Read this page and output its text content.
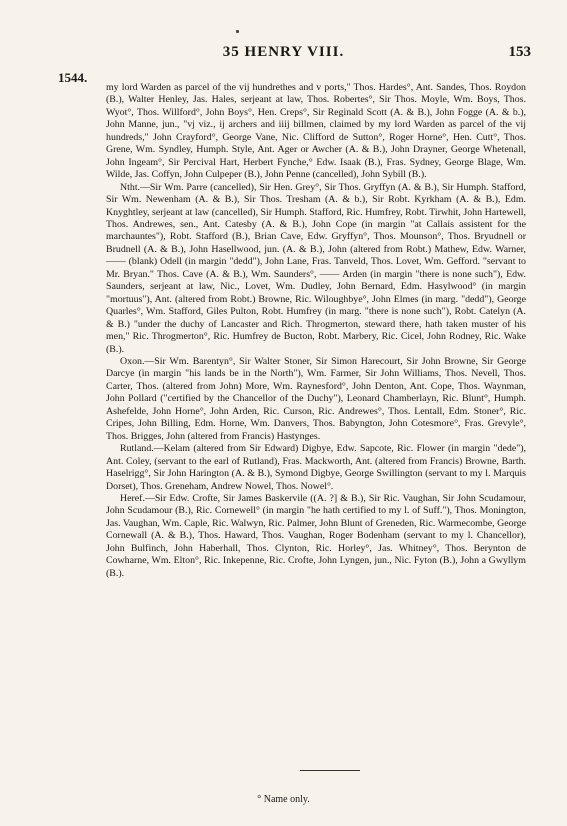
35 HENRY VIII.	153
1544.

my lord Warden as parcel of the vij hundrethes and v ports," Thos. Hardes°, Ant. Sandes, Thos. Roydon (B.), Walter Henley, Jas. Hales, serjeant at law, Thos. Robertes°, Sir Thos. Moyle, Wm. Boys, Thos. Wyot°, Thos. Willford°, John Boys°, Hen. Creps°, Sir Reginald Scott (A. & B.), John Fogge (A. & b.), John Manne, jun., "vj viz., ij archers and iiij billmen, claimed by my lord Warden as parcel of the vij hundreds," John Crayford°, George Vane, Nic. Clifford de Sutton°, Roger Horne°, Hen. Cutt°, Thos. Grene, Wm. Syndley, Humph. Style, Ant. Ager or Awcher (A. & B.), John Drayner, George Whetenall, John Ingeam°, Sir Percival Hart, Herbert Fynche,° Edw. Isaak (B.), Fras. Sydney, George Blage, Wm. Wilde, Jas. Coffyn, John Culpeper (B.), John Penne (cancelled), John Sybill (B.).

Ntht.—Sir Wm. Parre (cancelled), Sir Hen. Grey°, Sir Thos. Gryffyn (A. & B.), Sir Humph. Stafford, Sir Wm. Newenham (A. & B.), Sir Thos. Tresham (A. & b.), Sir Robt. Kyrkham (A. & B.), Edm. Knyghtley, serjeant at law (cancelled), Sir Humph. Stafford, Ric. Humfrey, Robt. Tirwhit, John Hartewell, Thos. Andrewes, sen., Ant. Catesby (A. & B.), John Cope (in margin "at Callais assistent for the marchauntes"), Robt. Stafford (B.), Brian Cave, Edw. Gryffyn°, Thos. Mounson°, Thos. Bryudnell or Brudnell (A. & B.), John Hasellwood, jun. (A. & B.), John (altered from Robt.) Mathew, Edw. Warner, —— (blank) Odell (in margin "dedd"), John Lane, Fras. Tanveld, Thos. Lovet, Wm. Gefford. "servant to Mr. Bryan." Thos. Cave (A. & B.), Wm. Saunders°, —— Arden (in margin "there is none such"), Edw. Saunders, serjeant at law, Nic., Lovet, Wm. Dudley, John Bernard, Edm. Hasylwood° (in margin "mortuus"), Ant. (altered from Robt.) Browne, Ric. Wiloughbye°, John Elmes (in marg. "dedd"), George Quarles°, Wm. Stafford, Giles Pulton, Robt. Humfrey (in marg. "there is none such"), Robt. Catelyn (A. & B.) "under the duchy of Lancaster and Rich. Throgmerton, steward there, hath taken muster of his men," Ric. Throgmerton°, Ric. Humfrey de Bucton, Robt. Marbery, Ric. Cicel, John Rodney, Ric. Wake (B.).

Oxon.—Sir Wm. Barentyn°, Sir Walter Stoner, Sir Simon Harecourt, Sir John Browne, Sir George Darcye (in margin "his lands be in the North"), Wm. Farmer, Sir John Williams, Thos. Nevell, Thos. Carter, Thos. (altered from John) More, Wm. Raynesford°, John Denton, Ant. Cope, Thos. Waynman, John Pollard ("certified by the Chancellor of the Duchy"), Leonard Chamberlayn, Ric. Blunt°, Humph. Ashefelde, John Horne°, John Arden, Ric. Curson, Ric. Andrewes°, Thos. Lentall, Edm. Stoner°, Ric. Cripes, John Billing, Edm. Horne, Wm. Danvers, Thos. Babyngton, John Cotesmore°, Fras. Grevyle°, Thos. Brigges, John (altered from Francis) Hastynges.

Rutland.—Kelam (altered from Sir Edward) Digbye, Edw. Sapcote, Ric. Flower (in margin "dede"), Ant. Coley, (servant to the earl of Rutland), Fras. Mackworth, Ant. (altered from Francis) Browne, Barth. Haselrigg°, Sir John Harington (A. & B.), Symond Digbye, George Swillington (servant to my l. Marquis Dorset), Thos. Greneham, Andrew Nowel, Thos. Nowel°.

Heref.—Sir Edw. Crofte, Sir James Baskervile ((A. ?] & B.), Sir Ric. Vaughan, Sir John Scudamour, John Scudamour (B.), Ric. Cornewell° (in margin "he hath certified to my l. of Suff."), Thos. Monington, Jas. Vaughan, Wm. Caple, Ric. Walwyn, Ric. Palmer, John Blunt of Greneden, Ric. Warmecombe, George Cornewall (A. & B.), Thos. Haward, Thos. Vaughan, Roger Bodenham (servant to my l. Chancellor), John Bulfinch, John Haberhall, Thos. Clynton, Ric. Horley°, Jas. Whitney°, Thos. Berynton de Cowharne, Wm. Elton°, Ric. Inkepenne, Ric. Crofte, John Lyngen, jun., Nic. Fyton (B.), John a Gwyllym (B.).

° Name only.
